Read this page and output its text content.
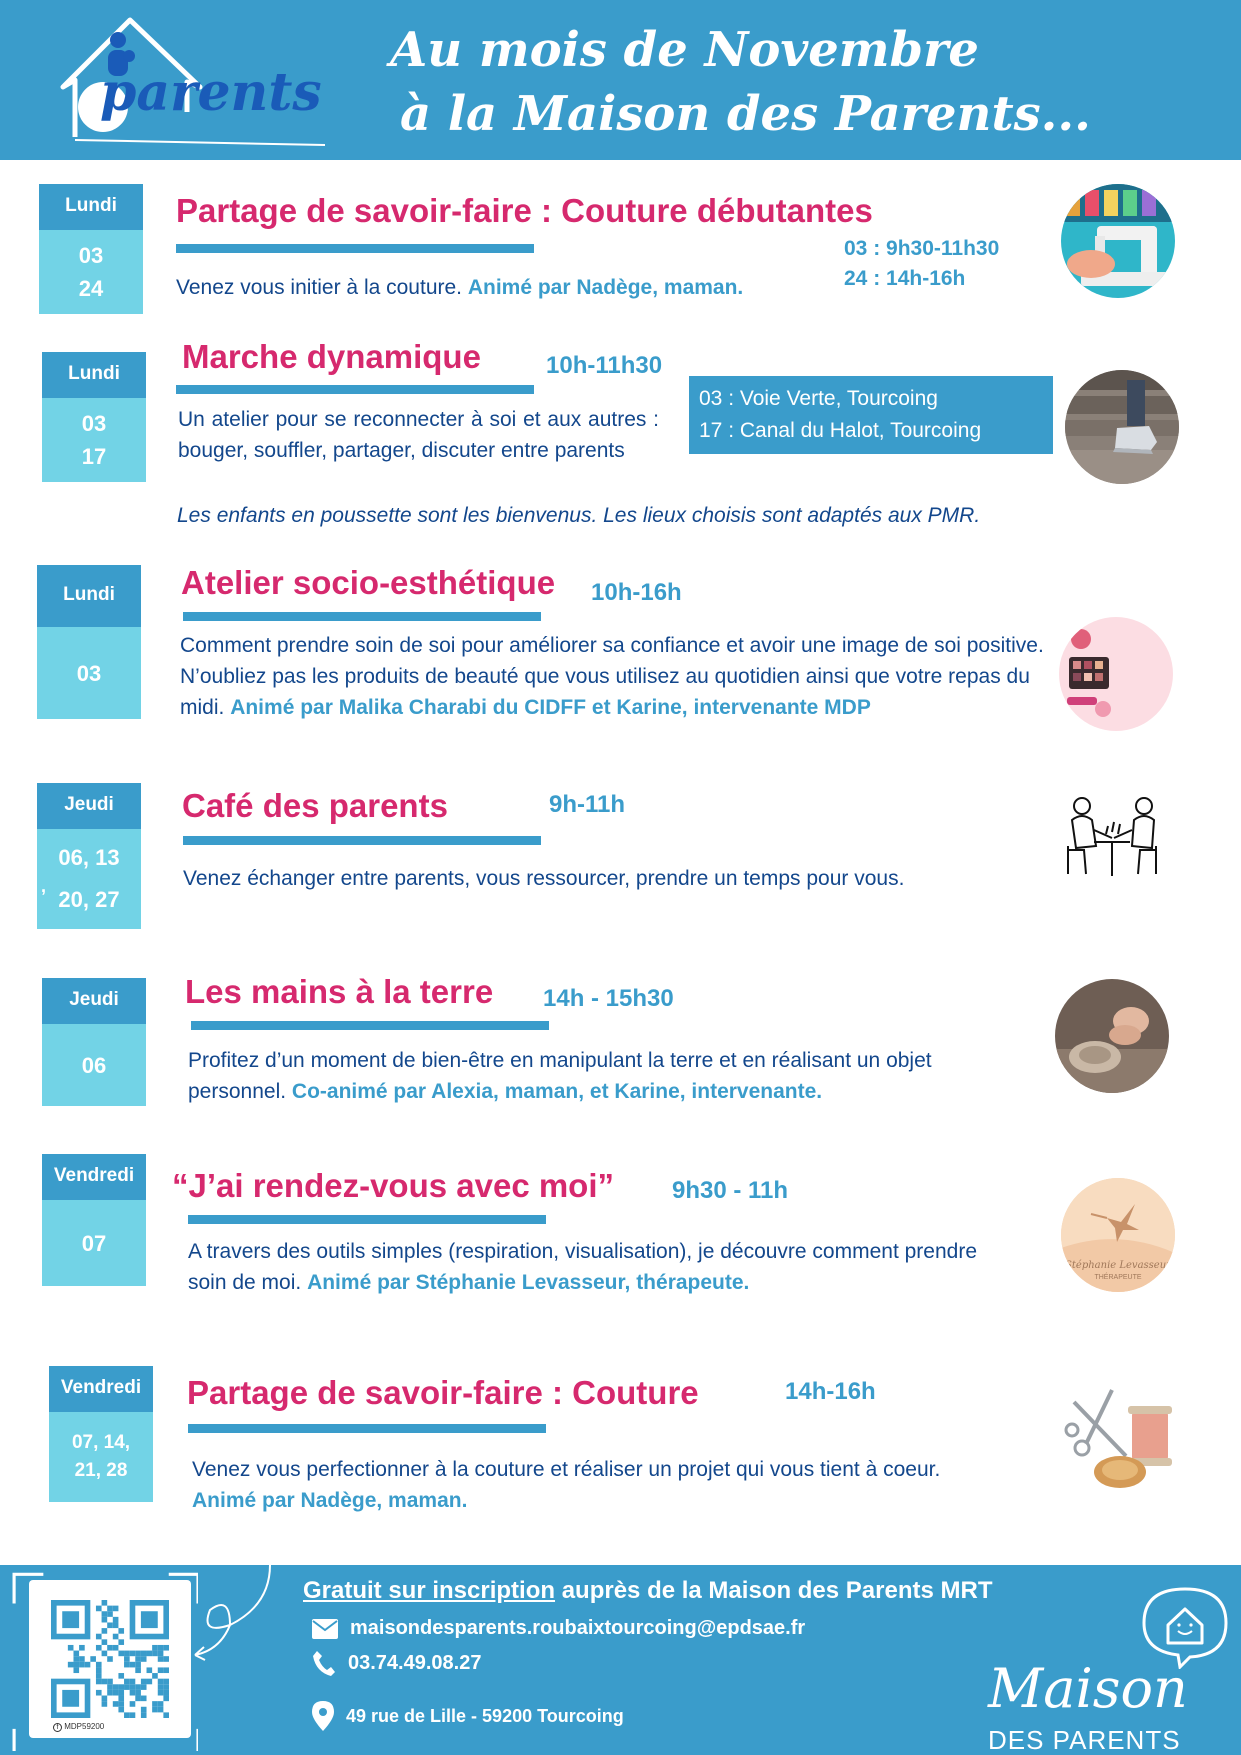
parents
Au mois de Novembre
à la Maison des Parents...
Lundi
03
24
Partage de savoir-faire : Couture débutantes
03 : 9h30-11h30
24 : 14h-16h
Venez vous initier à la couture. Animé par Nadège, maman.
Lundi
03
17
Marche dynamique	10h-11h30
03 : Voie Verte, Tourcoing
17 : Canal du Halot, Tourcoing
Un atelier pour se reconnecter à soi et aux autres : bouger, souffler, partager, discuter entre parents
Les enfants en poussette sont les bienvenus. Les lieux choisis sont adaptés aux PMR.
Lundi
03
Atelier socio-esthétique 10h-16h
Comment prendre soin de soi pour améliorer sa confiance et avoir une image de soi positive. N’oubliez pas les produits de beauté que vous utilisez au quotidien ainsi que votre repas du midi. Animé par Malika Charabi du CIDFF et Karine, intervenante MDP
Jeudi
06, 13
,
20, 27
Café des parents	9h-11h
Venez échanger entre parents, vous ressourcer, prendre un temps pour vous.
Jeudi
06
Les mains à la terre 14h - 15h30
Profitez d’un moment de bien-être en manipulant la terre et en réalisant un objet personnel. Co-animé par Alexia, maman, et Karine, intervenante.
Vendredi
07
“J’ai rendez-vous avec moi” 9h30 - 11h
A travers des outils simples (respiration, visualisation), je découvre comment prendre soin de moi. Animé par Stéphanie Levasseur, thérapeute.
Stéphanie Levasseur
THÉRAPEUTE
Vendredi
07, 14,
21, 28
Partage de savoir-faire : Couture	14h-16h
Venez vous perfectionner à la couture et réaliser un projet qui vous tient à coeur.
Animé par Nadège, maman.
f MDP59200
Gratuit sur inscription auprès de la Maison des Parents MRT
maisondesparents.roubaixtourcoing@epdsae.fr
03.74.49.08.27
49 rue de Lille - 59200 Tourcoing	Maison
DES PARENTS
